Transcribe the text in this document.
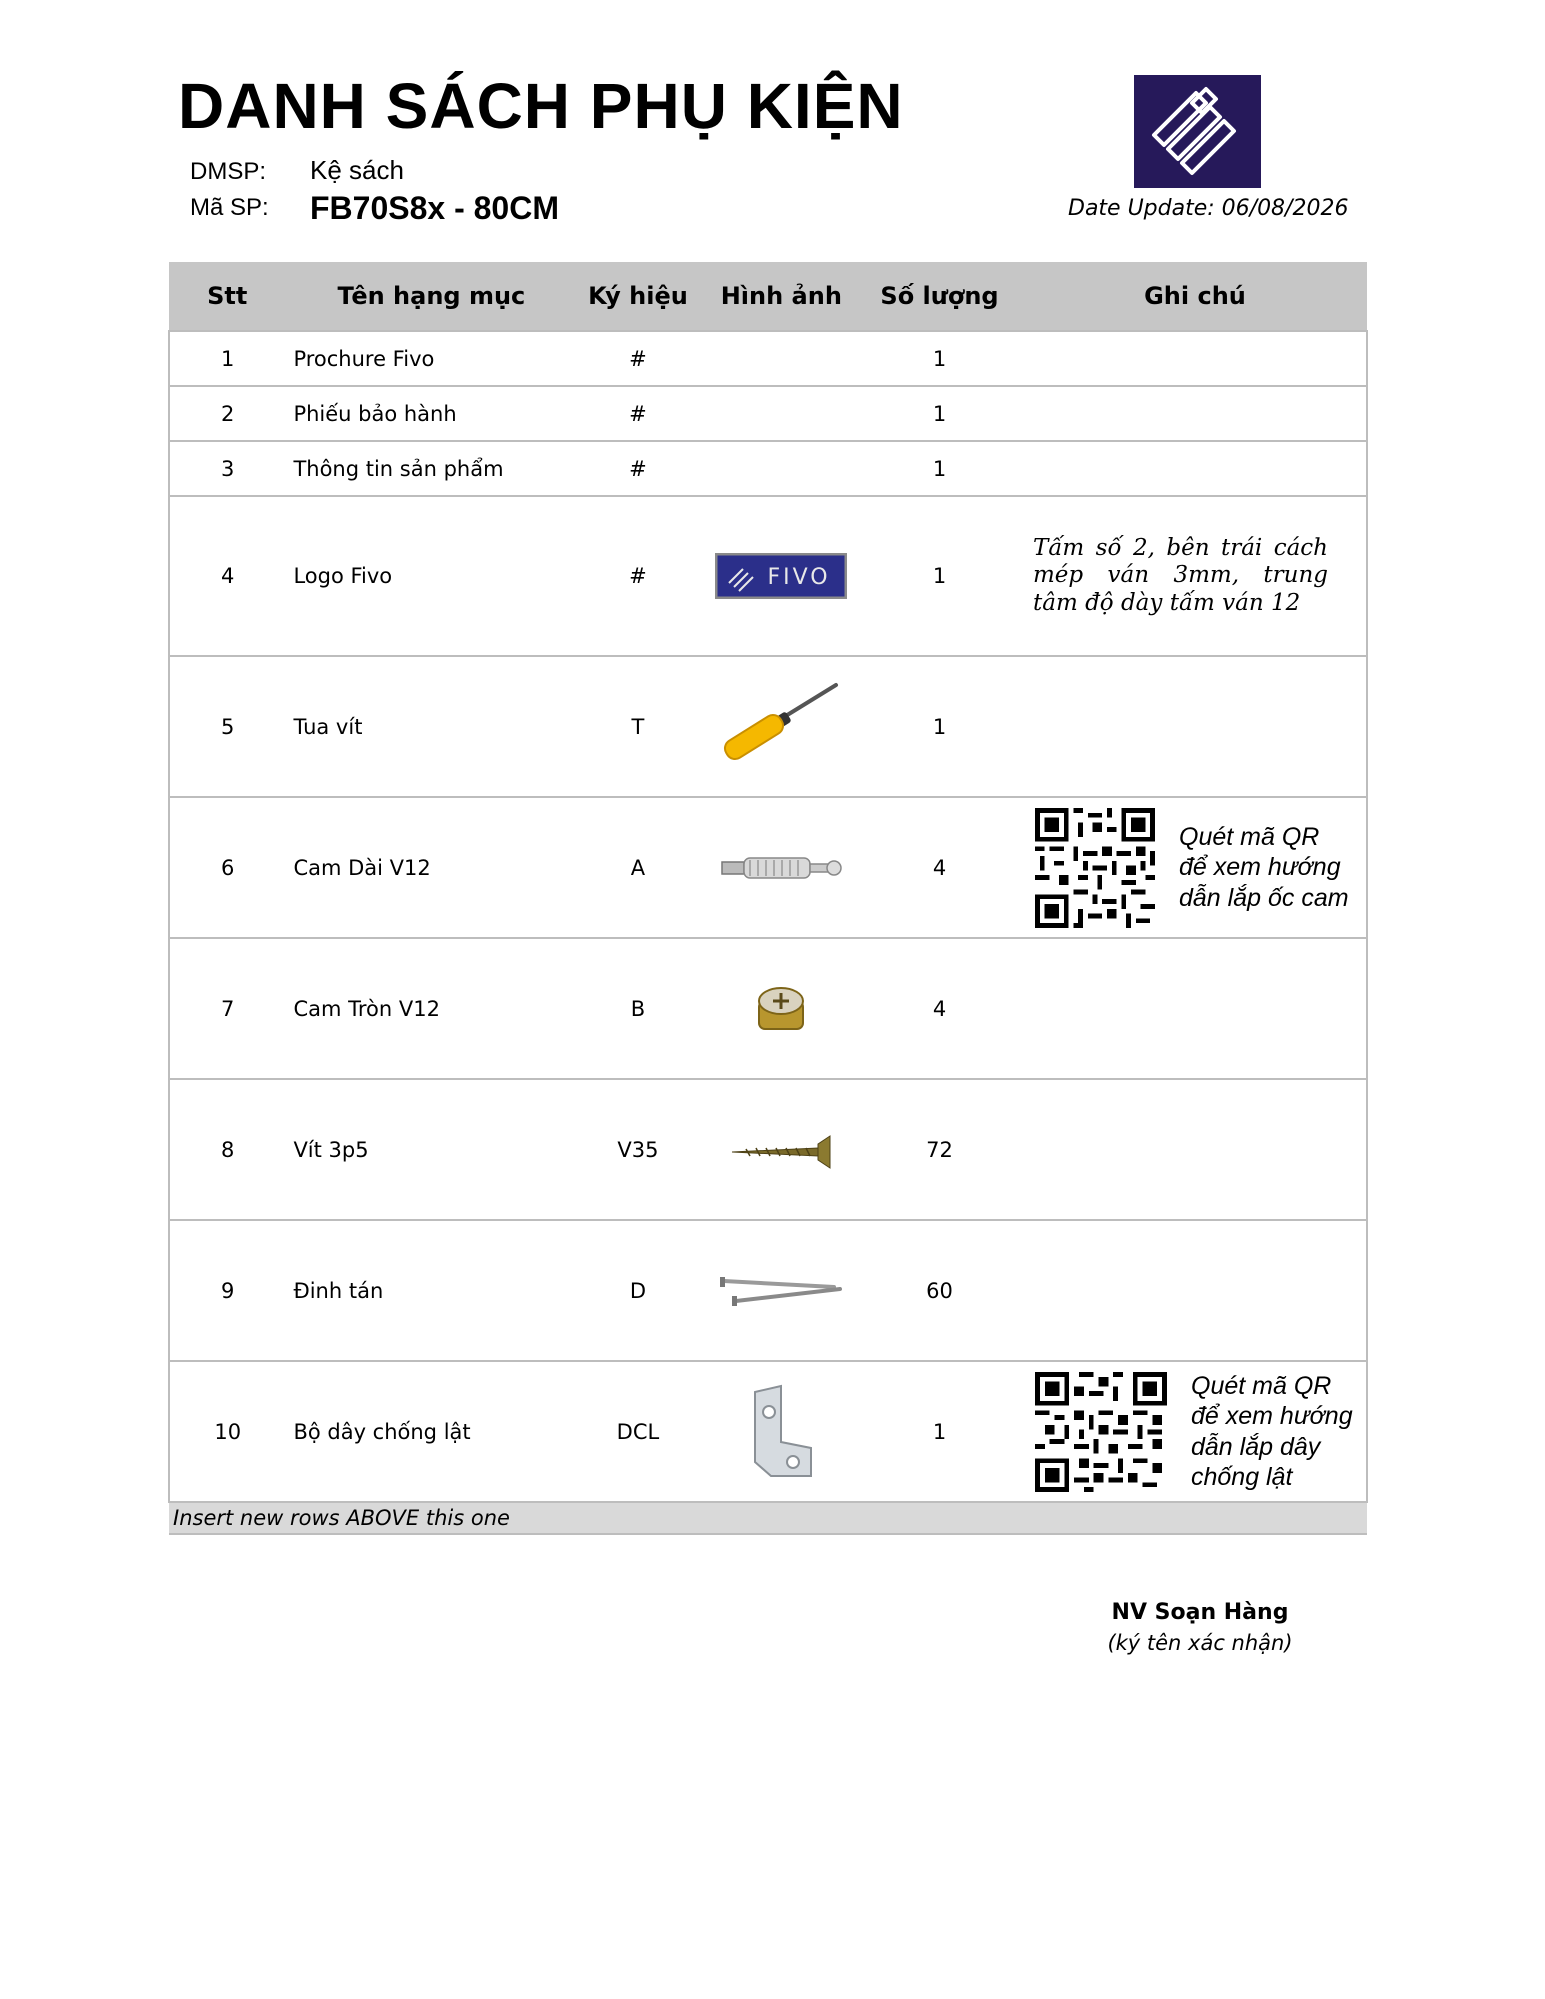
DANH SÁCH PHỤ KIỆN
DMSP: Kệ sách
Mã SP: FB70S8x - 80CM	Date Update: 06/08/2026
Stt	Tên hạng mục	Ký hiệu	Hình ảnh	Số lượng	Ghi chú
1	Prochure Fivo	#		1	
2	Phiếu bảo hành	#		1	
3	Thông tin sản phẩm	#		1	
4	Logo Fivo	#	FIVO	1	Tấm số 2, bên trái cách mép ván 3mm, trung tâm độ dày tấm ván 12

5	Tua vít	T		1	
6	Cam Dài V12	A		4	Quét mã QR để xem hướng dẫn lắp ốc cam

7	Cam Tròn V12	B		4	
8	Vít 3p5	V35		72	
9	Đinh tán	D		60	
10	Bộ dây chống lật	DCL		1	Quét mã QR để xem hướng dẫn lắp dây chống lật

Insert new rows ABOVE this one					
NV Soạn Hàng
(ký tên xác nhận)
